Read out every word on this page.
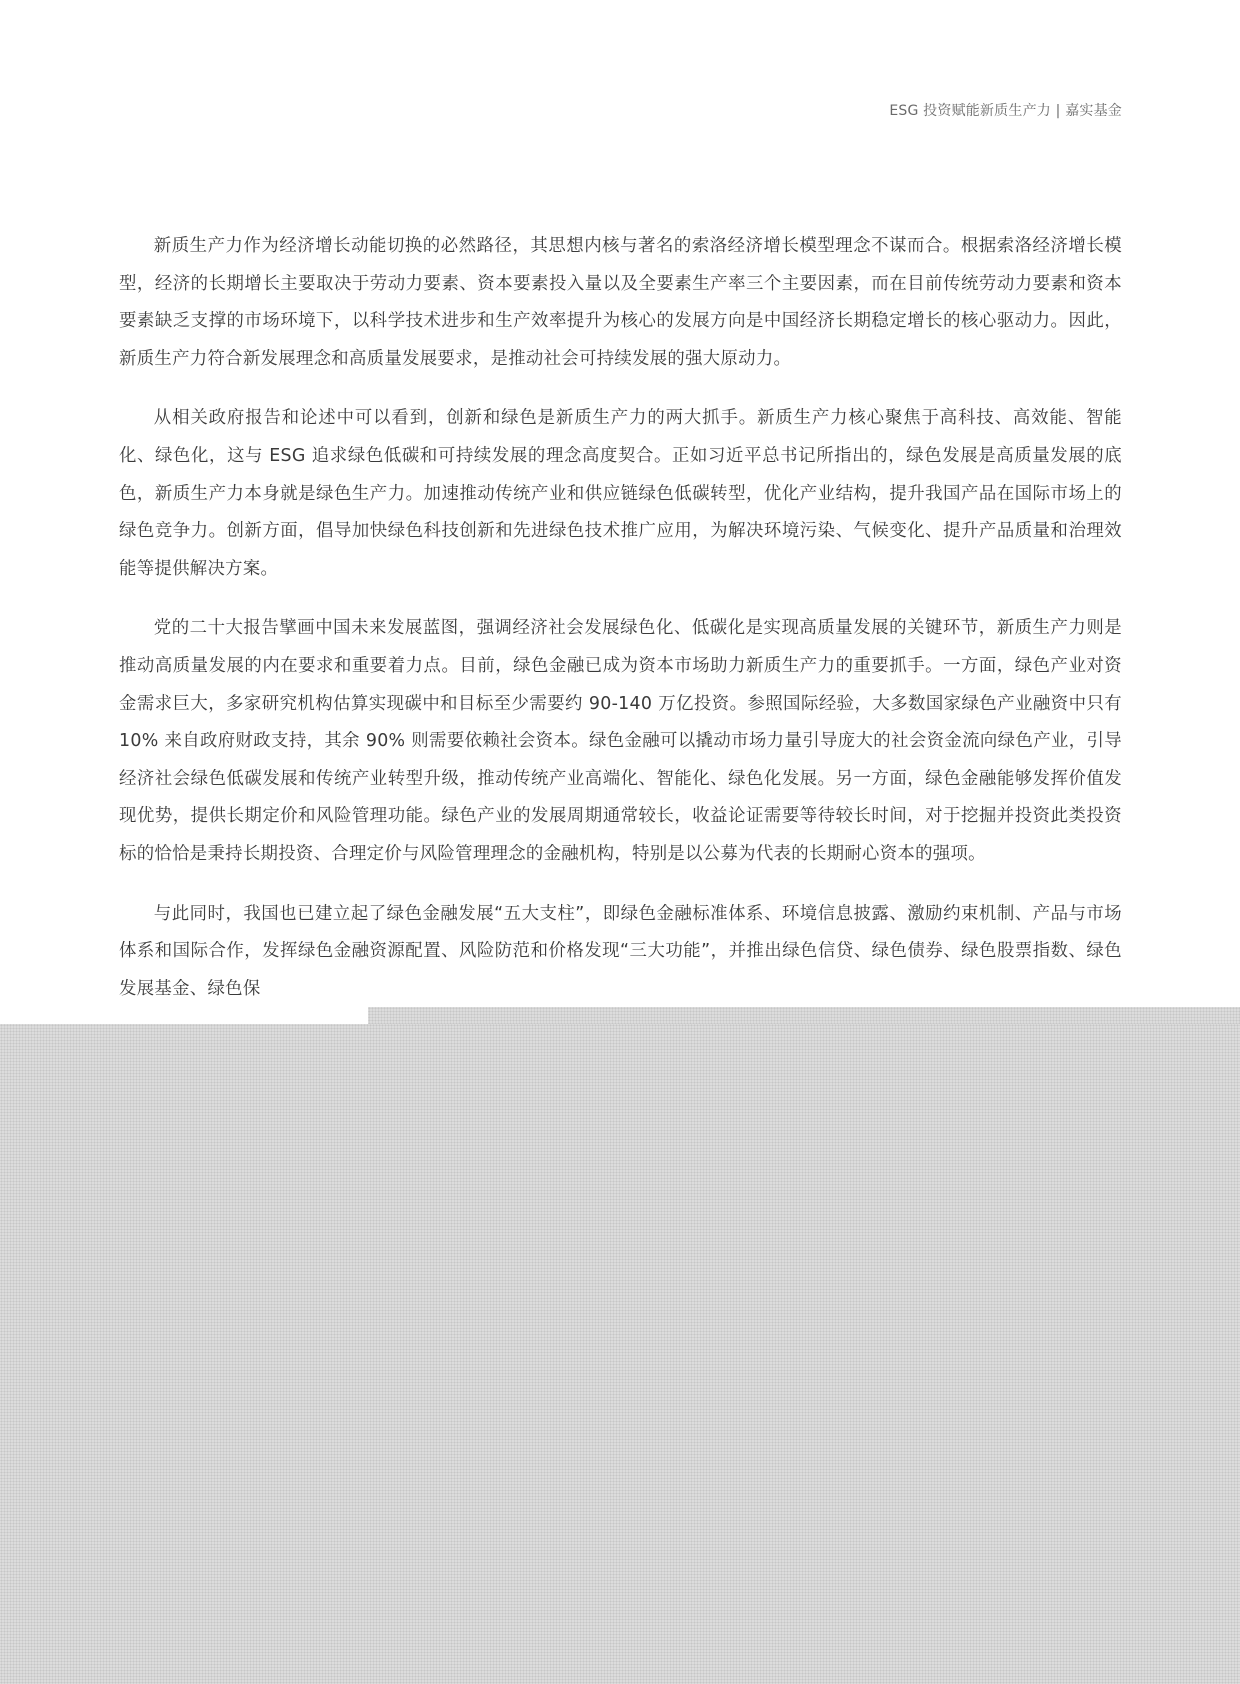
ESG 投资赋能新质生产力 | 嘉实基金

新质生产力作为经济增长动能切换的必然路径，其思想内核与著名的索洛经济增长模型理念不谋而合。根据索洛经济增长模型，经济的长期增长主要取决于劳动力要素、资本要素投入量以及全要素生产率三个主要因素，而在目前传统劳动力要素和资本要素缺乏支撑的市场环境下，以科学技术进步和生产效率提升为核心的发展方向是中国经济长期稳定增长的核心驱动力。因此，新质生产力符合新发展理念和高质量发展要求，是推动社会可持续发展的强大原动力。

从相关政府报告和论述中可以看到，创新和绿色是新质生产力的两大抓手。新质生产力核心聚焦于高科技、高效能、智能化、绿色化，这与 ESG 追求绿色低碳和可持续发展的理念高度契合。正如习近平总书记所指出的，绿色发展是高质量发展的底色，新质生产力本身就是绿色生产力。加速推动传统产业和供应链绿色低碳转型，优化产业结构，提升我国产品在国际市场上的绿色竞争力。创新方面，倡导加快绿色科技创新和先进绿色技术推广应用，为解决环境污染、气候变化、提升产品质量和治理效能等提供解决方案。

党的二十大报告擘画中国未来发展蓝图，强调经济社会发展绿色化、低碳化是实现高质量发展的关键环节，新质生产力则是推动高质量发展的内在要求和重要着力点。目前，绿色金融已成为资本市场助力新质生产力的重要抓手。一方面，绿色产业对资金需求巨大，多家研究机构估算实现碳中和目标至少需要约 90-140 万亿投资。参照国际经验，大多数国家绿色产业融资中只有 10% 来自政府财政支持，其余 90% 则需要依赖社会资本。绿色金融可以撬动市场力量引导庞大的社会资金流向绿色产业，引导经济社会绿色低碳发展和传统产业转型升级，推动传统产业高端化、智能化、绿色化发展。另一方面，绿色金融能够发挥价值发现优势，提供长期定价和风险管理功能。绿色产业的发展周期通常较长，收益论证需要等待较长时间，对于挖掘并投资此类投资标的恰恰是秉持长期投资、合理定价与风险管理理念的金融机构，特别是以公募为代表的长期耐心资本的强项。

与此同时，我国也已建立起了绿色金融发展“五大支柱”，即绿色金融标准体系、环境信息披露、激励约束机制、产品与市场体系和国际合作，发挥绿色金融资源配置、风险防范和价格发现“三大功能”，并推出绿色信贷、绿色债券、绿色股票指数、绿色发展基金、绿色保
